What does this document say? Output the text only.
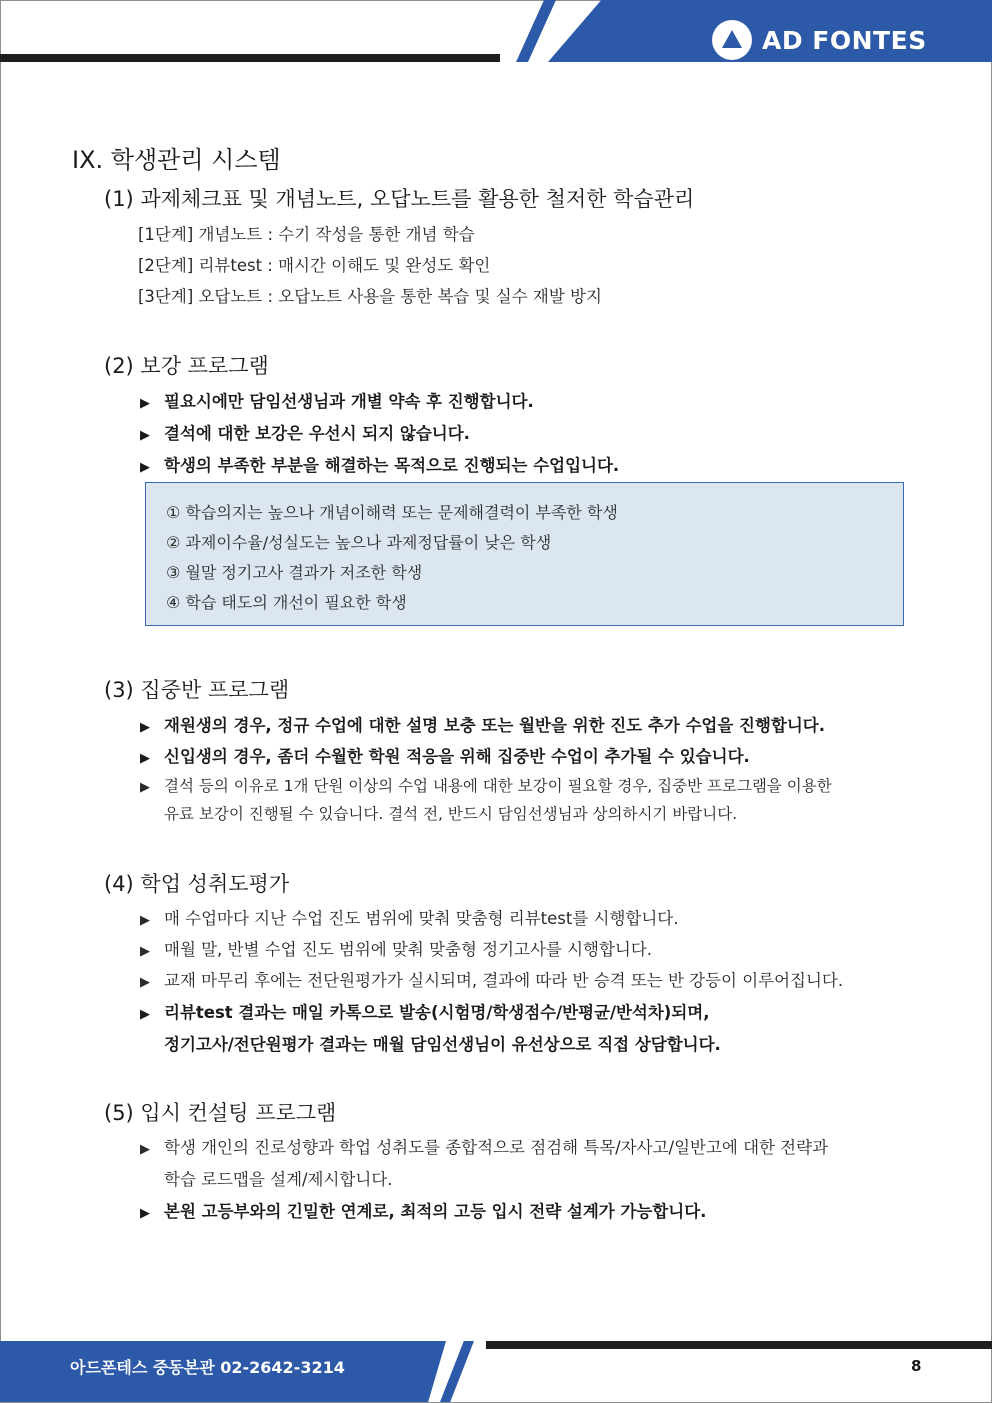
AD FONTES
IX. 학생관리 시스템
(1) 과제체크표 및 개념노트, 오답노트를 활용한 철저한 학습관리
[1단계] 개념노트 : 수기 작성을 통한 개념 학습
[2단계] 리뷰test : 매시간 이해도 및 완성도 확인
[3단계] 오답노트 : 오답노트 사용을 통한 복습 및 실수 재발 방지
(2) 보강 프로그램
▶ 필요시에만 담임선생님과 개별 약속 후 진행합니다.
▶ 결석에 대한 보강은 우선시 되지 않습니다.
▶ 학생의 부족한 부분을 해결하는 목적으로 진행되는 수업입니다.
① 학습의지는 높으나 개념이해력 또는 문제해결력이 부족한 학생
② 과제이수율/성실도는 높으나 과제정답률이 낮은 학생
③ 월말 정기고사 결과가 저조한 학생
④ 학습 태도의 개선이 필요한 학생
(3) 집중반 프로그램
▶ 재원생의 경우, 정규 수업에 대한 설명 보충 또는 월반을 위한 진도 추가 수업을 진행합니다.
▶ 신입생의 경우, 좀더 수월한 학원 적응을 위해 집중반 수업이 추가될 수 있습니다.
▶ 결석 등의 이유로 1개 단원 이상의 수업 내용에 대한 보강이 필요할 경우, 집중반 프로그램을 이용한
유료 보강이 진행될 수 있습니다. 결석 전, 반드시 담임선생님과 상의하시기 바랍니다.
(4) 학업 성취도평가
▶ 매 수업마다 지난 수업 진도 범위에 맞춰 맞춤형 리뷰test를 시행합니다.
▶ 매월 말, 반별 수업 진도 범위에 맞춰 맞춤형 정기고사를 시행합니다.
▶ 교재 마무리 후에는 전단원평가가 실시되며, 결과에 따라 반 승격 또는 반 강등이 이루어집니다.
▶ 리뷰test 결과는 매일 카톡으로 발송(시험명/학생점수/반평균/반석차)되며,
정기고사/전단원평가 결과는 매월 담임선생님이 유선상으로 직접 상담합니다.
(5) 입시 컨설팅 프로그램
▶ 학생 개인의 진로성향과 학업 성취도를 종합적으로 점검해 특목/자사고/일반고에 대한 전략과
학습 로드맵을 설계/제시합니다.
▶ 본원 고등부와의 긴밀한 연계로, 최적의 고등 입시 전략 설계가 가능합니다.
아드폰테스 중동본관 02-2642-3214	8
